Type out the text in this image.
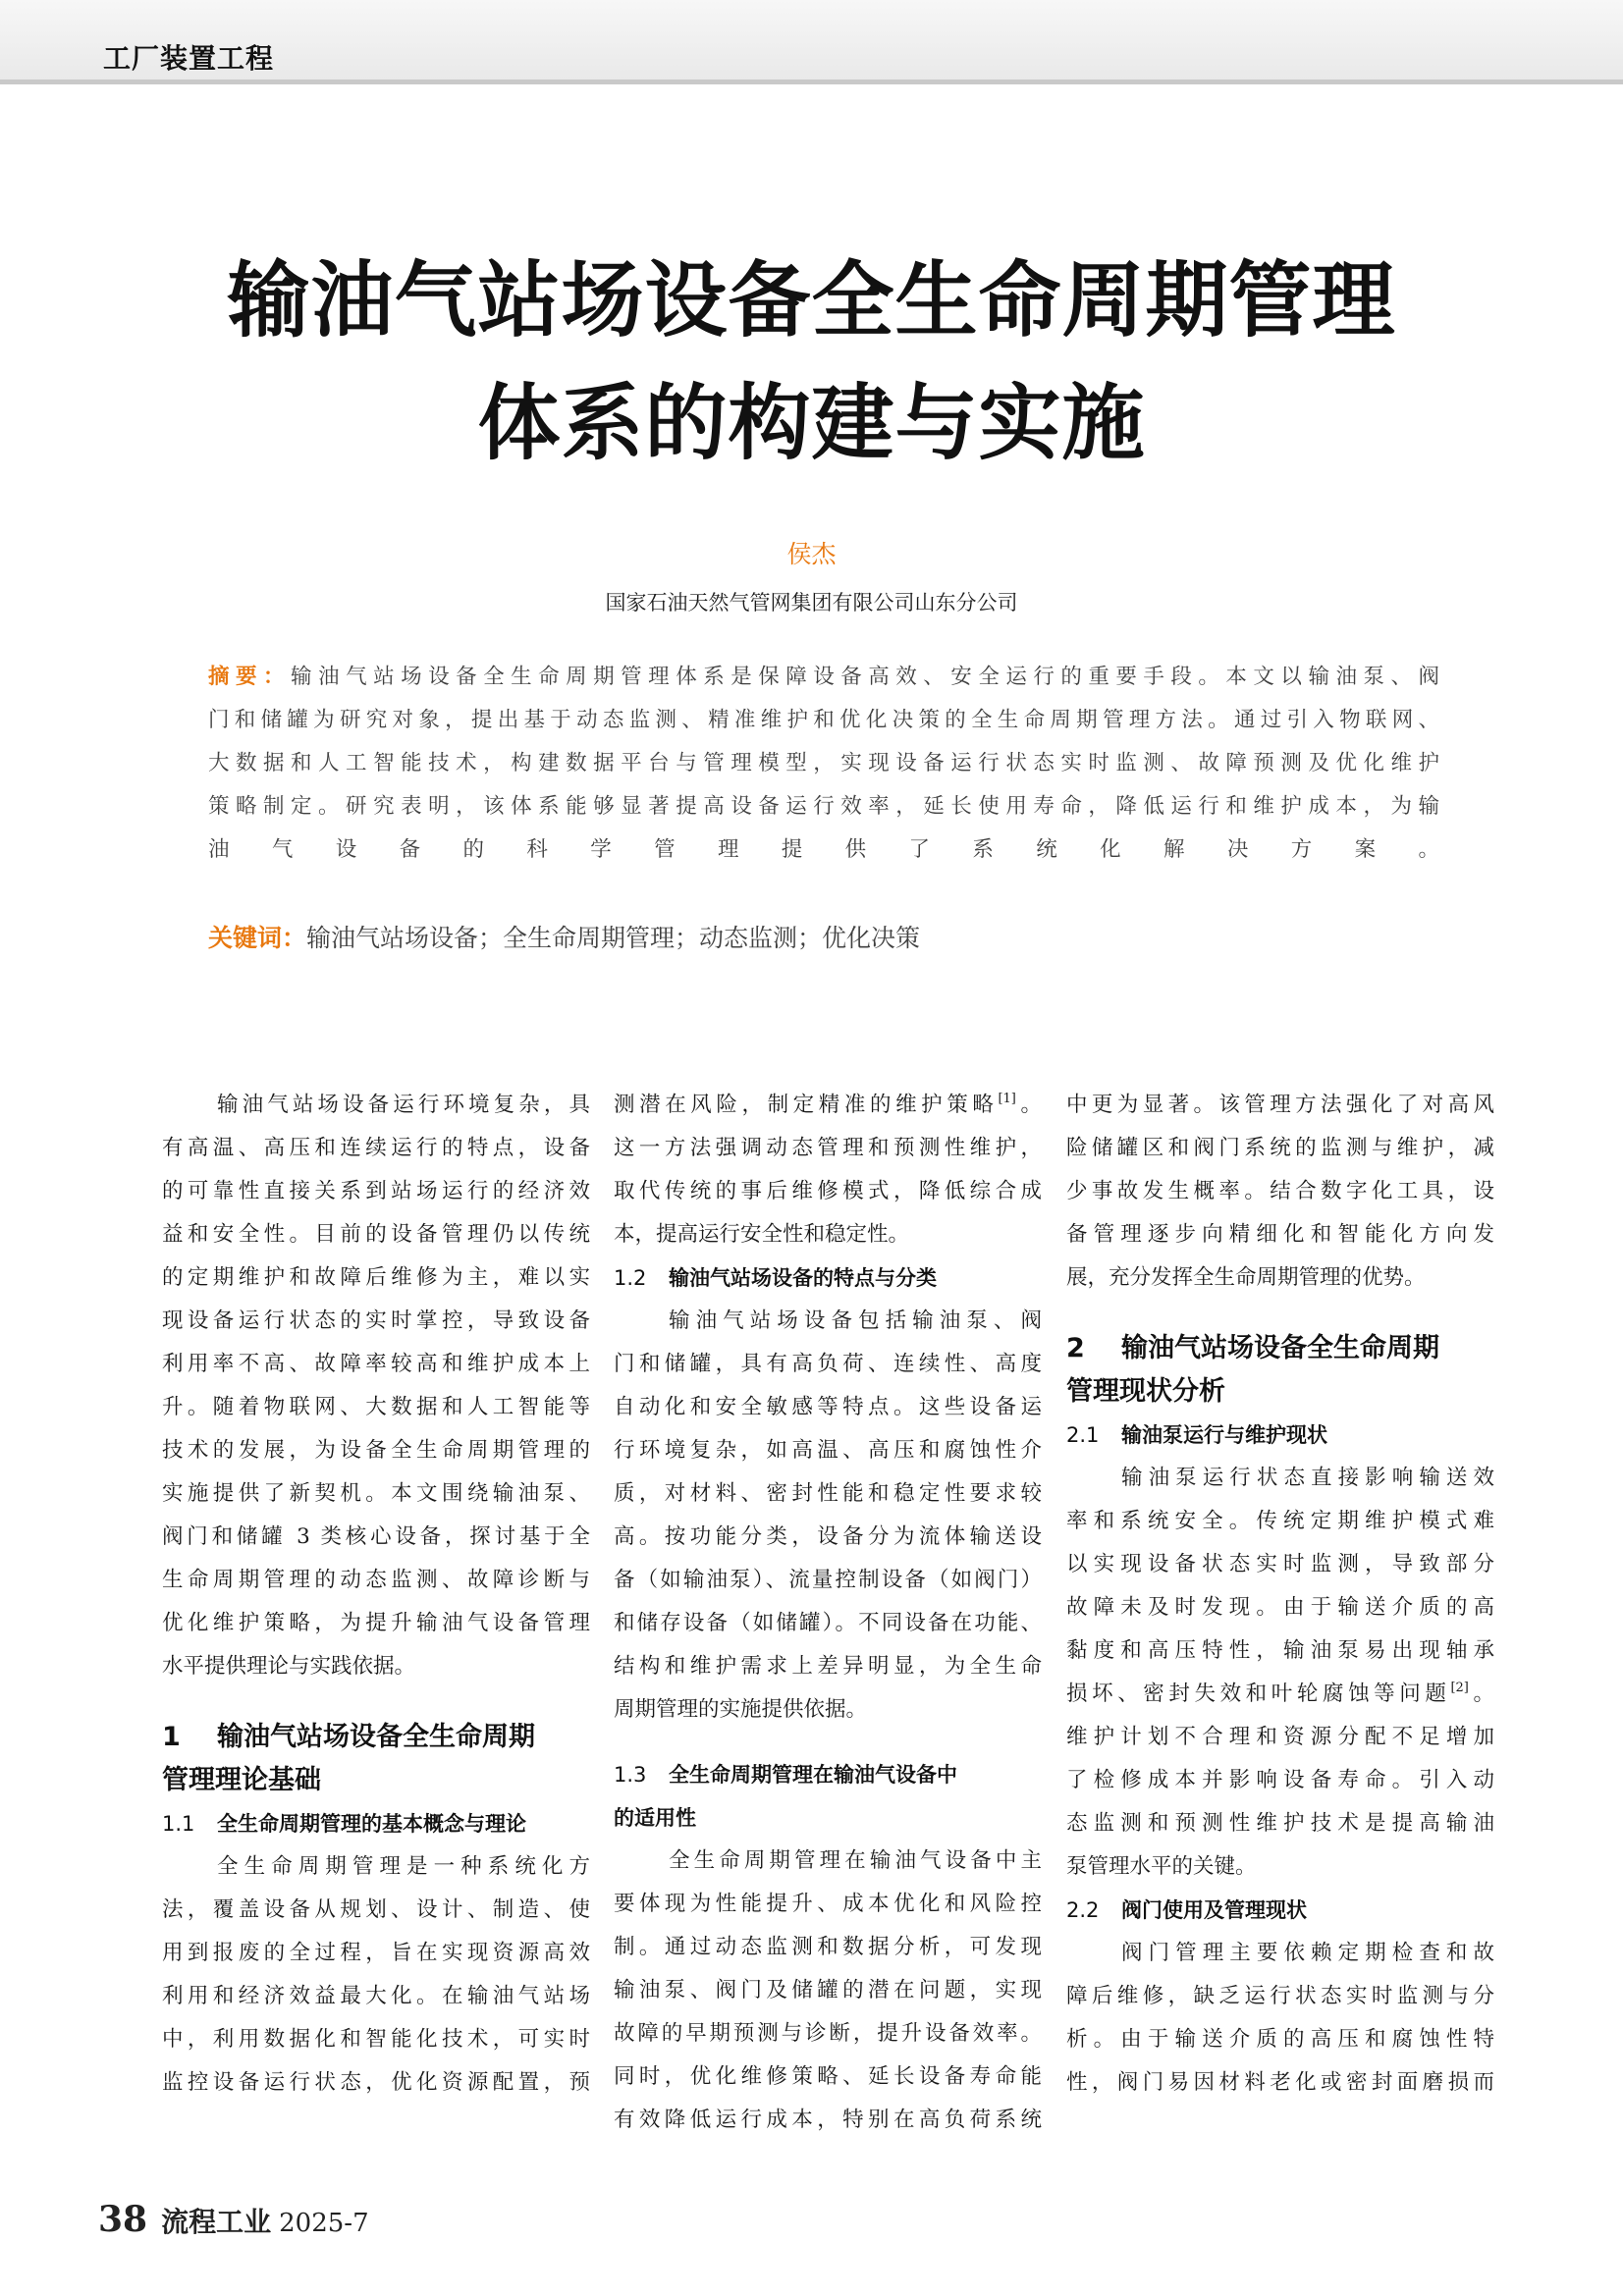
工厂装置工程
输油气站场设备全生命周期管理
体系的构建与实施
侯杰
国家石油天然气管网集团有限公司山东分公司
摘要：输油气站场设备全生命周期管理体系是保障设备高效、安全运行的重要手段。本文以输油泵、阀
门和储罐为研究对象，提出基于动态监测、精准维护和优化决策的全生命周期管理方法。通过引入物联网、
大数据和人工智能技术，构建数据平台与管理模型，实现设备运行状态实时监测、故障预测及优化维护
策略制定。研究表明，该体系能够显著提高设备运行效率，延长使用寿命，降低运行和维护成本，为输
油气设备的科学管理提供了系统化解决方案。
关键词：输油气站场设备；全生命周期管理；动态监测；优化决策
输油气站场设备运行环境复杂，具
有高温、高压和连续运行的特点，设备
的可靠性直接关系到站场运行的经济效
益和安全性。目前的设备管理仍以传统
的定期维护和故障后维修为主，难以实
现设备运行状态的实时掌控，导致设备
利用率不高、故障率较高和维护成本上
升。随着物联网、大数据和人工智能等
技术的发展，为设备全生命周期管理的
实施提供了新契机。本文围绕输油泵、
阀门和储罐 3 类核心设备，探讨基于全
生命周期管理的动态监测、故障诊断与
优化维护策略，为提升输油气设备管理
水平提供理论与实践依据。
1 输油气站场设备全生命周期
管理理论基础
1.1 全生命周期管理的基本概念与理论
全生命周期管理是一种系统化方
法，覆盖设备从规划、设计、制造、使
用到报废的全过程，旨在实现资源高效
利用和经济效益最大化。在输油气站场
中，利用数据化和智能化技术，可实时
监控设备运行状态，优化资源配置，预
测潜在风险，制定精准的维护策略[1]。
这一方法强调动态管理和预测性维护，
取代传统的事后维修模式，降低综合成
本，提高运行安全性和稳定性。
1.2 输油气站场设备的特点与分类
输油气站场设备包括输油泵、阀
门和储罐，具有高负荷、连续性、高度
自动化和安全敏感等特点。这些设备运
行环境复杂，如高温、高压和腐蚀性介
质，对材料、密封性能和稳定性要求较
高。按功能分类，设备分为流体输送设
备（如输油泵）、流量控制设备（如阀门）
和储存设备（如储罐）。不同设备在功能、
结构和维护需求上差异明显，为全生命
周期管理的实施提供依据。
1.3 全生命周期管理在输油气设备中
的适用性
全生命周期管理在输油气设备中主
要体现为性能提升、成本优化和风险控
制。通过动态监测和数据分析，可发现
输油泵、阀门及储罐的潜在问题，实现
故障的早期预测与诊断，提升设备效率。
同时，优化维修策略、延长设备寿命能
有效降低运行成本，特别在高负荷系统
中更为显著。该管理方法强化了对高风
险储罐区和阀门系统的监测与维护，减
少事故发生概率。结合数字化工具，设
备管理逐步向精细化和智能化方向发
展，充分发挥全生命周期管理的优势。
2 输油气站场设备全生命周期
管理现状分析
2.1 输油泵运行与维护现状
输油泵运行状态直接影响输送效
率和系统安全。传统定期维护模式难
以实现设备状态实时监测，导致部分
故障未及时发现。由于输送介质的高
黏度和高压特性，输油泵易出现轴承
损坏、密封失效和叶轮腐蚀等问题[2]。
维护计划不合理和资源分配不足增加
了检修成本并影响设备寿命。引入动
态监测和预测性维护技术是提高输油
泵管理水平的关键。
2.2 阀门使用及管理现状
阀门管理主要依赖定期检查和故
障后维修，缺乏运行状态实时监测与分
析。由于输送介质的高压和腐蚀性特
性，阀门易因材料老化或密封面磨损而
38 流程工业 2025-7
